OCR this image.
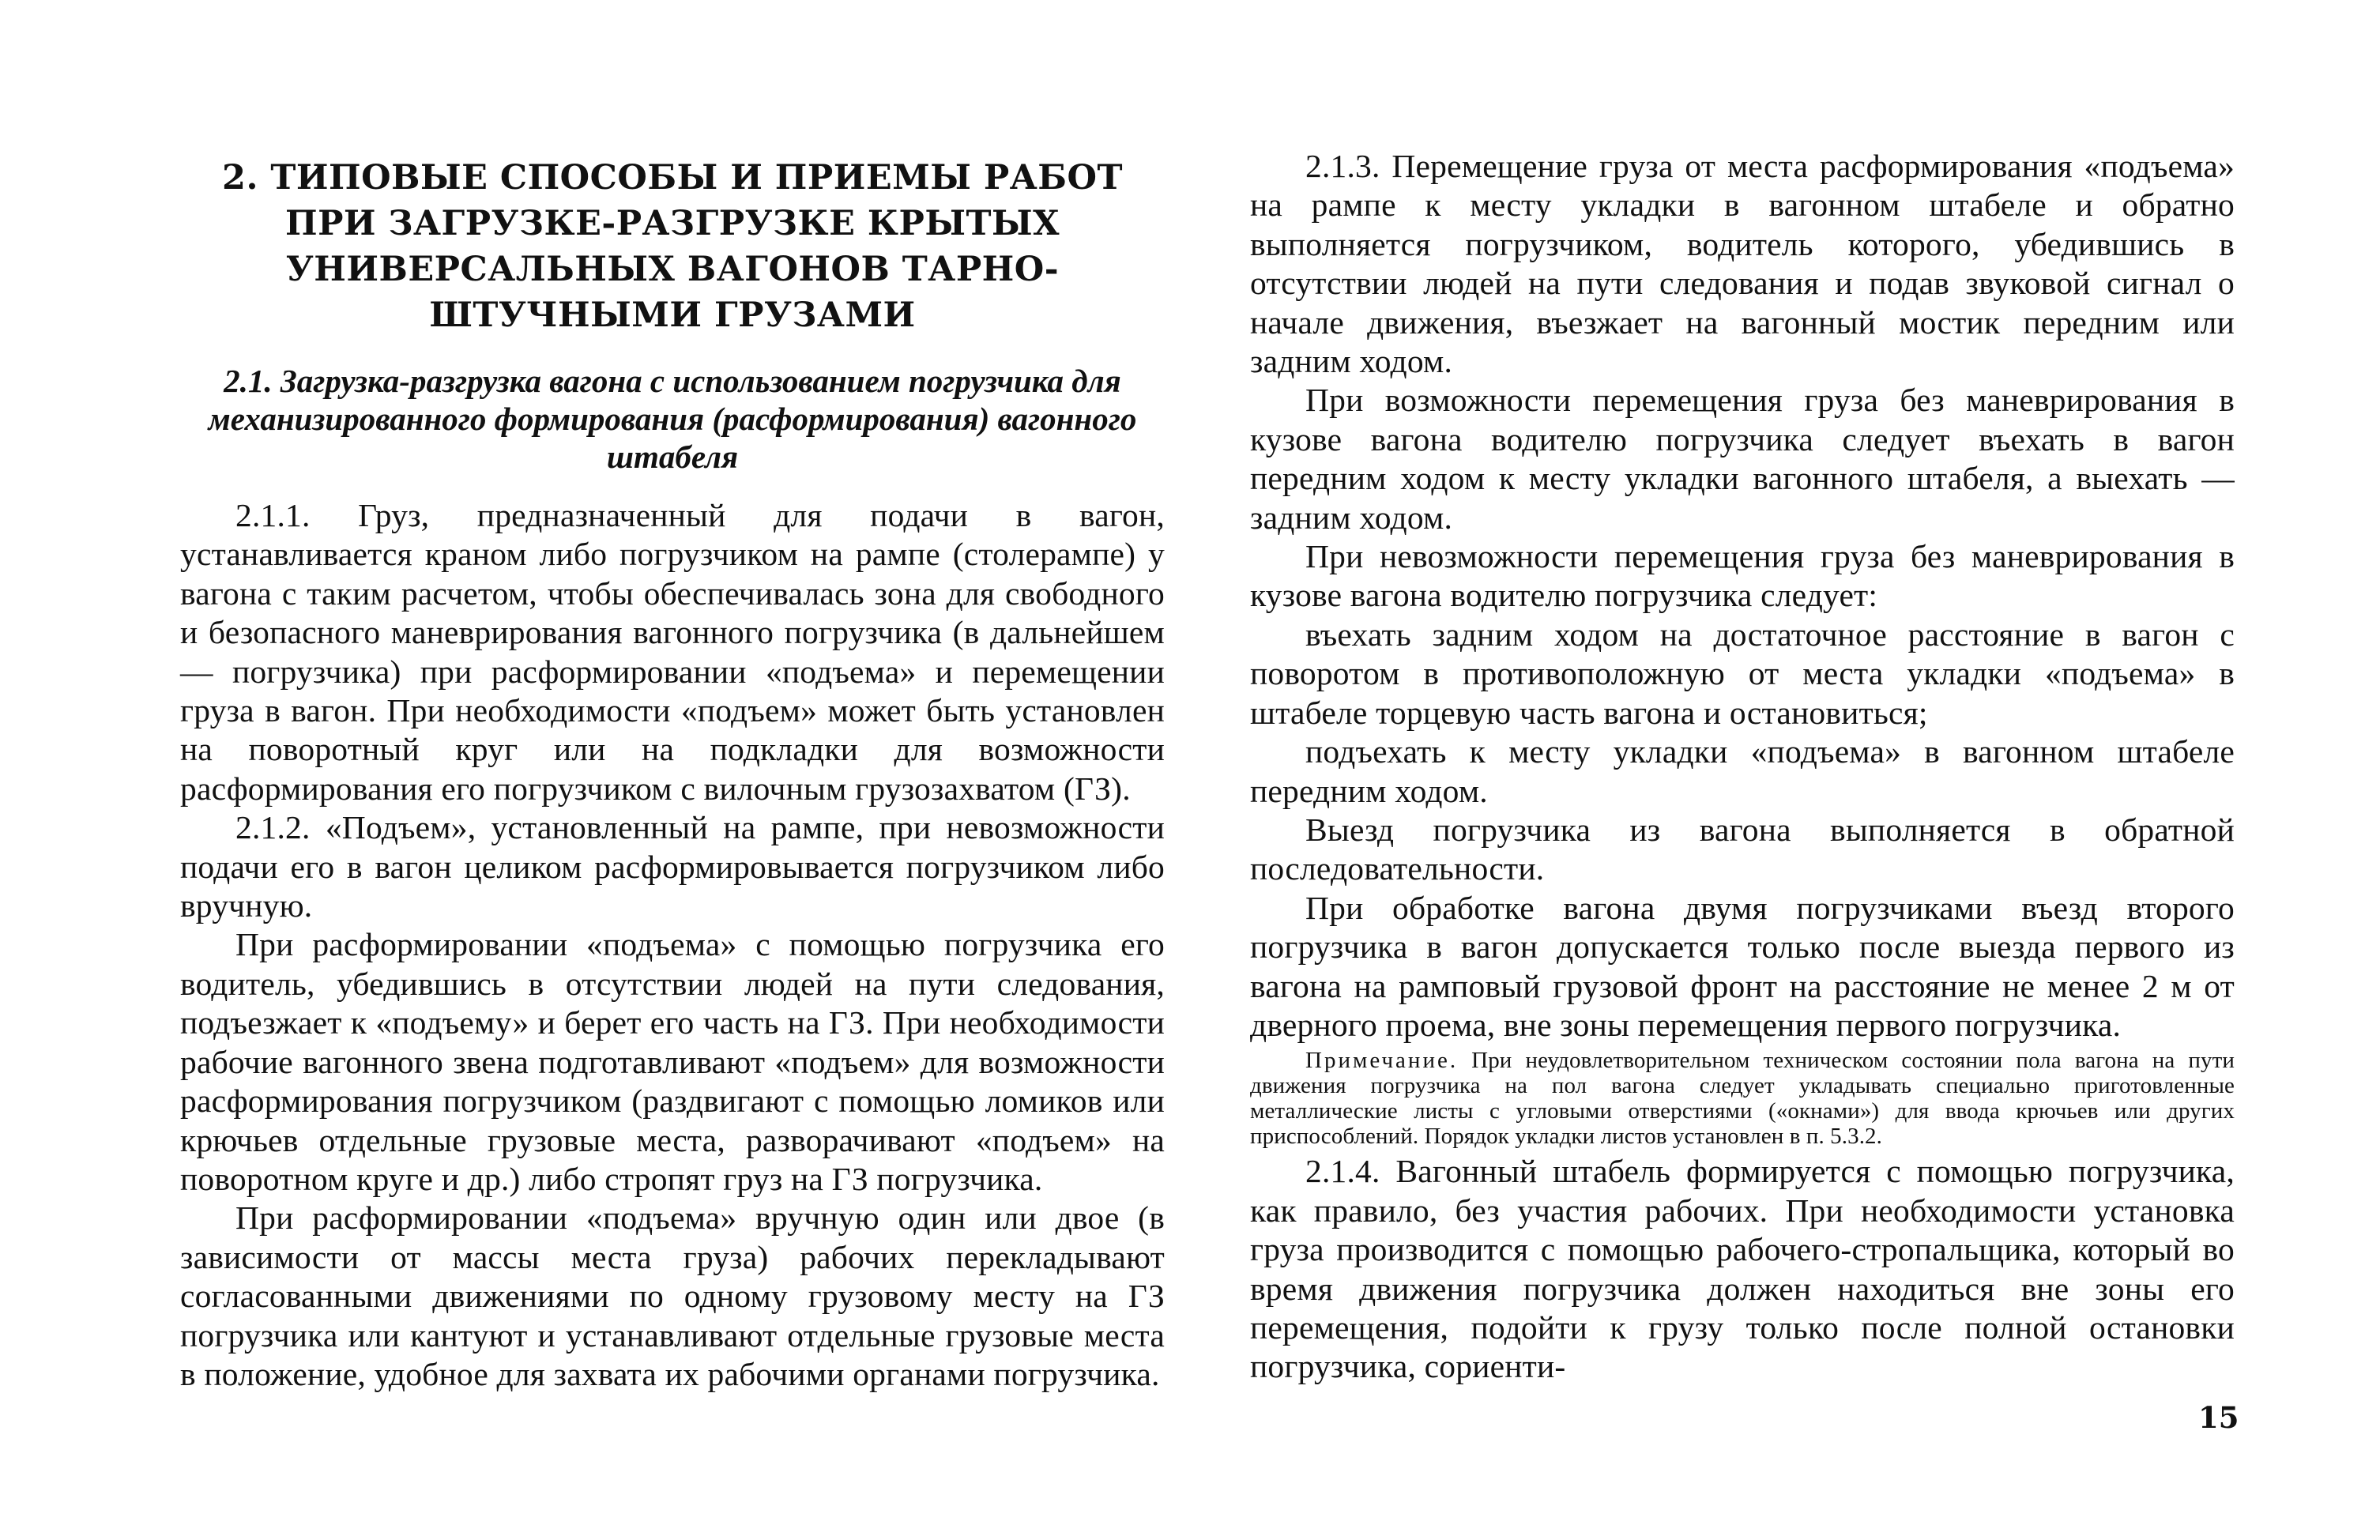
2. ТИПОВЫЕ СПОСОБЫ И ПРИЕМЫ РАБОТ ПРИ ЗАГРУЗКЕ-РАЗГРУЗКЕ КРЫТЫХ УНИВЕРСАЛЬНЫХ ВАГОНОВ ТАРНО-ШТУЧНЫМИ ГРУЗАМИ
2.1. Загрузка-разгрузка вагона с использованием погрузчика для механизированного формирования (расформирования) вагонного штабеля

2.1.1. Груз, предназначенный для подачи в вагон, устанавливается краном либо погрузчиком на рампе (столерампе) у вагона с таким расчетом, чтобы обеспечивалась зона для свободного и безопасного маневрирования вагонного погрузчика (в дальнейшем — погрузчика) при расформировании «подъема» и перемещении груза в вагон. При необходимости «подъем» может быть установлен на поворотный круг или на подкладки для возможности расформирования его погрузчиком с вилочным грузозахватом (ГЗ).

2.1.2. «Подъем», установленный на рампе, при невозможности подачи его в вагон целиком расформировывается погрузчиком либо вручную.

При расформировании «подъема» с помощью погрузчика его водитель, убедившись в отсутствии людей на пути следования, подъезжает к «подъему» и берет его часть на ГЗ. При необходимости рабочие вагонного звена подготавливают «подъем» для возможности расформирования погрузчиком (раздвигают с помощью ломиков или крючьев отдельные грузовые места, разворачивают «подъем» на поворотном круге и др.) либо стропят груз на ГЗ погрузчика.

При расформировании «подъема» вручную один или двое (в зависимости от массы места груза) рабочих перекладывают согласованными движениями по одному грузовому месту на ГЗ погрузчика или кантуют и устанавливают отдельные грузовые места в положение, удобное для захвата их рабочими органами погрузчика.

2.1.3. Перемещение груза от места расформирования «подъема» на рампе к месту укладки в вагонном штабеле и обратно выполняется погрузчиком, водитель которого, убедившись в отсутствии людей на пути следования и подав звуковой сигнал о начале движения, въезжает на вагонный мостик передним или задним ходом.

При возможности перемещения груза без маневрирования в кузове вагона водителю погрузчика следует въехать в вагон передним ходом к месту укладки вагонного штабеля, а выехать — задним ходом.

При невозможности перемещения груза без маневрирования в кузове вагона водителю погрузчика следует:

въехать задним ходом на достаточное расстояние в вагон с поворотом в противоположную от места укладки «подъема» в штабеле торцевую часть вагона и остановиться;

подъехать к месту укладки «подъема» в вагонном штабеле передним ходом.

Выезд погрузчика из вагона выполняется в обратной последовательности.

При обработке вагона двумя погрузчиками въезд второго погрузчика в вагон допускается только после выезда первого из вагона на рамповый грузовой фронт на расстояние не менее 2 м от дверного проема, вне зоны перемещения первого погрузчика.

Примечание. При неудовлетворительном техническом состоянии пола вагона на пути движения погрузчика на пол вагона следует укладывать специально приготовленные металлические листы с угловыми отверстиями («окнами») для ввода крючьев или других приспособлений. Порядок укладки листов установлен в п. 5.3.2.

2.1.4. Вагонный штабель формируется с помощью погрузчика, как правило, без участия рабочих. При необходимости установка груза производится с помощью рабочего-стропальщика, который во время движения погрузчика должен находиться вне зоны его перемещения, подойти к грузу только после полной остановки погрузчика, сориенти-

15
